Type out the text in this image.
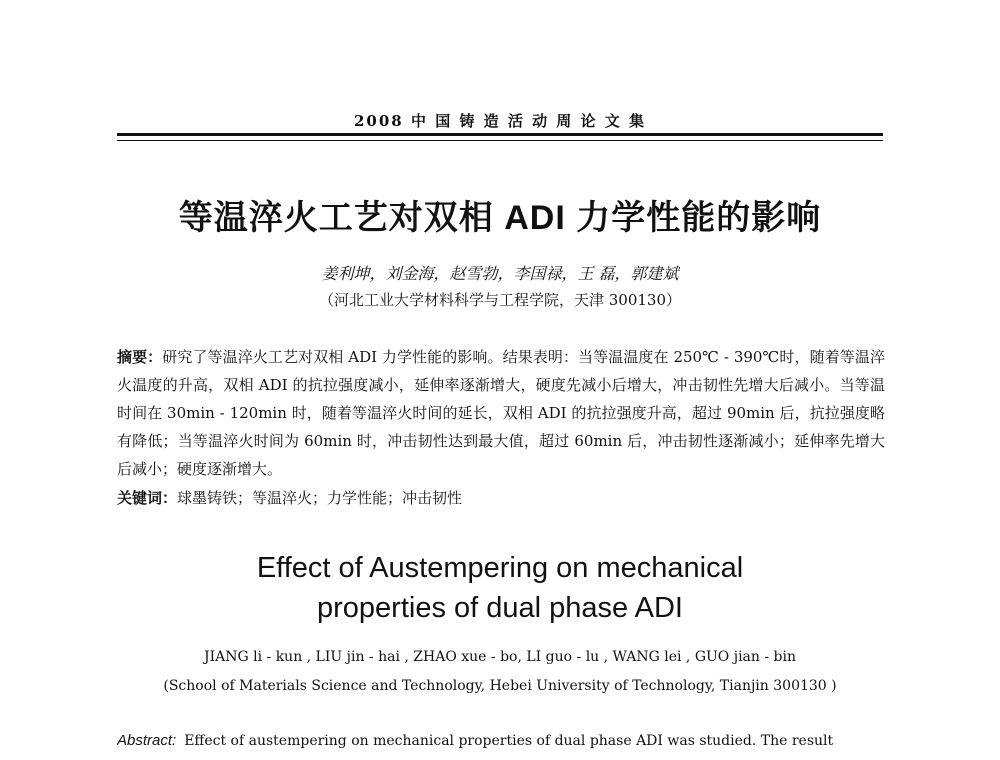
2008 中 国 铸 造 活 动 周 论 文 集
等温淬火工艺对双相 ADI 力学性能的影响
姜利坤，刘金海，赵雪勃，李国禄，王 磊，郭建斌
（河北工业大学材料科学与工程学院，天津 300130）
摘要：研究了等温淬火工艺对双相 ADI 力学性能的影响。结果表明：当等温温度在 250℃ - 390℃时，随着等温淬火温度的升高，双相 ADI 的抗拉强度减小，延伸率逐渐增大，硬度先减小后增大，冲击韧性先增大后减小。当等温时间在 30min - 120min 时，随着等温淬火时间的延长，双相 ADI 的抗拉强度升高，超过 90min 后，抗拉强度略有降低；当等温淬火时间为 60min 时，冲击韧性达到最大值，超过 60min 后，冲击韧性逐渐减小；延伸率先增大后减小；硬度逐渐增大。
关键词：球墨铸铁；等温淬火；力学性能；冲击韧性
Effect of Austempering on mechanical
properties of dual phase ADI
JIANG li - kun , LIU jin - hai , ZHAO xue - bo, LI guo - lu , WANG lei , GUO jian - bin
(School of Materials Science and Technology, Hebei University of Technology, Tianjin 300130 )
Abstract: Effect of austempering on mechanical properties of dual phase ADI was studied. The result
